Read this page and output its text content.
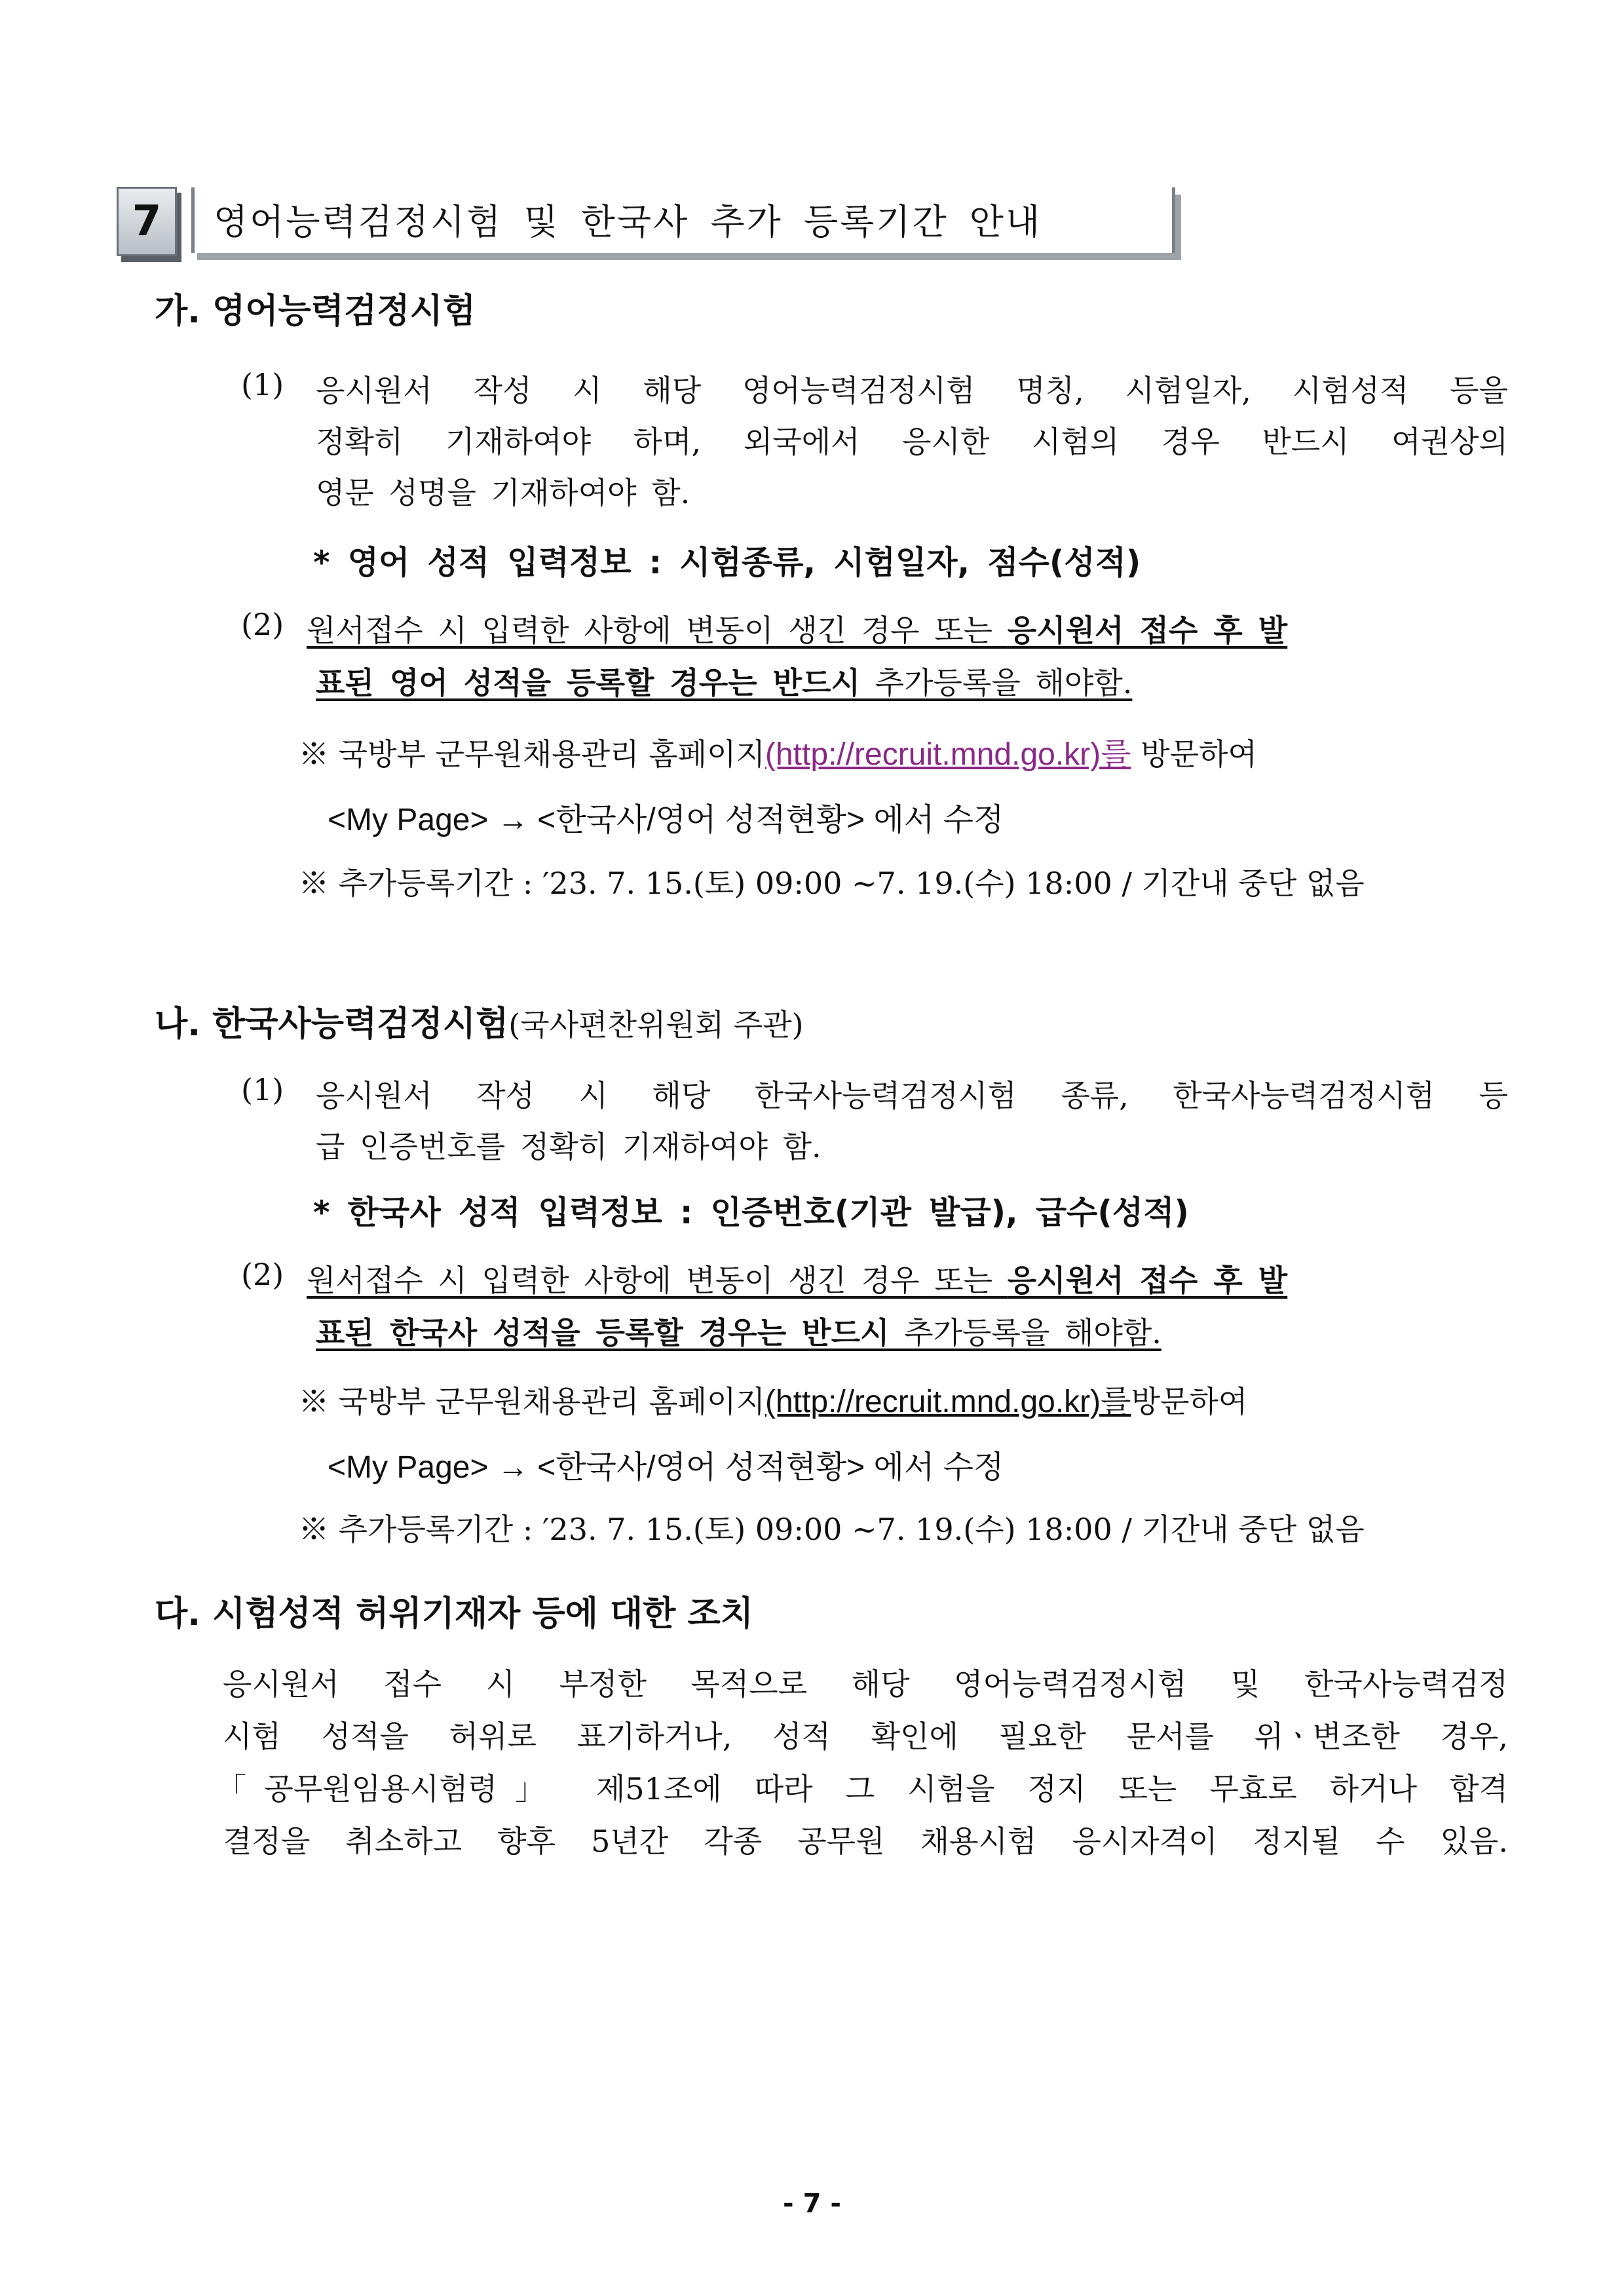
7 영어능력검정시험 및 한국사 추가 등록기간 안내
가. 영어능력검정시험
(1) 응시원서 작성 시 해당 영어능력검정시험 명칭, 시험일자, 시험성적 등을
정확히 기재하여야 하며, 외국에서 응시한 시험의 경우 반드시 여권상의
영문 성명을 기재하여야 함.
* 영어 성적 입력정보 : 시험종류, 시험일자, 점수(성적)
(2) 원서접수 시 입력한 사항에 변동이 생긴 경우 또는 응시원서 접수 후 발
표된 영어 성적을 등록할 경우는 반드시 추가등록을 해야함.
※ 국방부 군무원채용관리 홈페이지(http://recruit.mnd.go.kr)를 방문하여
<My Page> → <한국사/영어 성적현황> 에서 수정
※ 추가등록기간 : ′23. 7. 15.(토) 09:00 ∼7. 19.(수) 18:00 / 기간내 중단 없음
나. 한국사능력검정시험(국사편찬위원회 주관)
(1) 응시원서 작성 시 해당 한국사능력검정시험 종류, 한국사능력검정시험 등
급 인증번호를 정확히 기재하여야 함.
* 한국사 성적 입력정보 : 인증번호(기관 발급), 급수(성적)
(2) 원서접수 시 입력한 사항에 변동이 생긴 경우 또는 응시원서 접수 후 발
표된 한국사 성적을 등록할 경우는 반드시 추가등록을 해야함.
※ 국방부 군무원채용관리 홈페이지(http://recruit.mnd.go.kr)를방문하여
<My Page> → <한국사/영어 성적현황> 에서 수정
※ 추가등록기간 : ′23. 7. 15.(토) 09:00 ∼7. 19.(수) 18:00 / 기간내 중단 없음
다. 시험성적 허위기재자 등에 대한 조치
응시원서 접수 시 부정한 목적으로 해당 영어능력검정시험 및 한국사능력검정
시험 성적을 허위로 표기하거나, 성적 확인에 필요한 문서를 위ㆍ변조한 경우,
「공무원임용시험령」 제51조에 따라 그 시험을 정지 또는 무효로 하거나 합격
결정을 취소하고 향후 5년간 각종 공무원 채용시험 응시자격이 정지될 수 있음.
- 7 -
